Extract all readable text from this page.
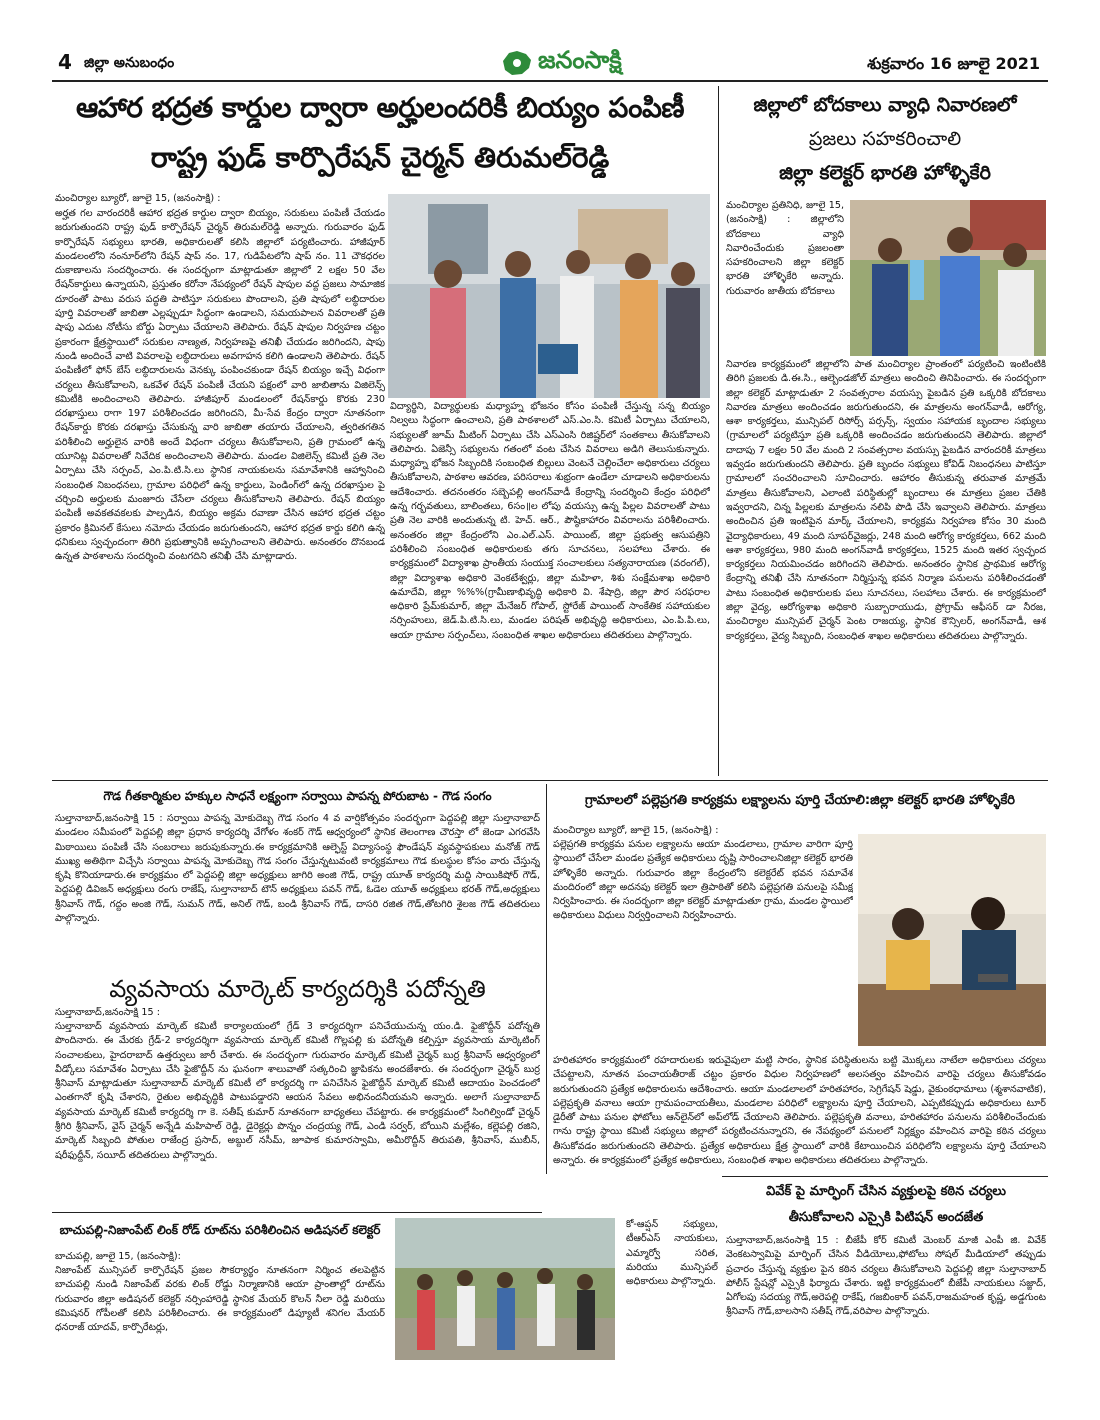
4 జిల్లా అనుబంధం	జనంసాక్షి	శుక్రవారం 16 జూలై 2021
ఆహార భద్రత కార్డుల ద్వారా అర్హులందరికీ బియ్యం పంపిణీ
రాష్ట్ర ఫుడ్ కార్పొరేషన్ చైర్మన్ తిరుమల్‌రెడ్డి
మంచిర్యాల బ్యూరో, జూలై 15, (జనంసాక్షి) :
అర్హత గల వారందరికీ ఆహార భద్రత కార్డుల ద్వారా బియ్యం, సరుకులు పంపిణీ చేయడం జరుగుతుందని రాష్ట్ర ఫుడ్ కార్పొరేషన్ చైర్మన్ తిరుమల్‌రెడ్డి అన్నారు. గురువారం ఫుడ్ కార్పొరేషన్ సభ్యులు భారతి, అధికారులతో కలిసి జిల్లాలో పర్యటించారు. హాజీపూర్ మండలంలోని నంనూర్‌లోని రేషన్ షాప్ నం. 17, గుడిపేటలోని షాప్ నం. 11 చౌకధరల దుకాణాలను సందర్శించారు. ఈ సందర్భంగా మాట్లాడుతూ జిల్లాలో 2 లక్షల 50 వేల రేషన్‌కార్డులు ఉన్నాయని, ప్రస్తుతం కరోనా నేపథ్యంలో రేషన్ షాపుల వద్ద ప్రజలు సామాజిక దూరంతో పాటు వరుస పద్ధతి పాటిస్తూ సరుకులు పొందాలని, ప్రతి షాపులో లబ్ధిదారుల పూర్తి వివరాలతో జాబితా ఎల్లప్పుడూ సిద్ధంగా ఉండాలని, సమయపాలన వివరాలతో ప్రతి షాపు ఎదుట నోటీసు బోర్డు ఏర్పాటు చేయాలని తెలిపారు. రేషన్ షాపుల నిర్వహణ చట్టం ప్రకారంగా క్షేత్రస్థాయిలో సరుకుల నాణ్యత, నిర్వహణపై తనిఖీ చేయడం జరిగిందని, షాపు నుండి అందించే వాటి వివరాలపై లబ్ధిదారులు అవగాహన కలిగి ఉండాలని తెలిపారు. రేషన్ పంపిణీలో ఫోన్ బేస్ లబ్ధిదారులను వెనక్కు పంపించకుండా రేషన్ బియ్యం ఇచ్చే విధంగా చర్యలు తీసుకోవాలని, ఒకవేళ రేషన్ పంపిణీ చేయని పక్షంలో వారి జాబితాను విజిలెన్స్ కమిటీకి అందించాలని తెలిపారు. హాజీపూర్ మండలంలో రేషన్‌కార్డు కొరకు 230 దరఖాస్తులు రాగా 197 పరిశీలించడం జరిగిందని, మీ-సేవ కేంద్రం ద్వారా నూతనంగా రేషన్‌కార్డు కొరకు దరఖాస్తు చేసుకున్న వారి జాబితా తయారు చేయాలని, త్వరితగతిన పరిశీలించి అర్హులైన వారికి అందే విధంగా చర్యలు తీసుకోవాలని, ప్రతి గ్రామంలో ఉన్న యూనిట్ల వివరాలతో నివేదిక అందించాలని తెలిపారు. మండల విజిలెన్స్ కమిటీ ప్రతి నెల ఏర్పాటు చేసి సర్పంచ్, ఎం.పి.టి.సి.లు స్థానిక నాయకులను సమావేశానికి ఆహ్వానించి సంబంధిత నిబంధనలు, గ్రామాల పరిధిలో ఉన్న కార్డులు, పెండింగ్‌లో ఉన్న దరఖాస్తుల పై చర్చించి అర్హులకు మంజూరు చేసేలా చర్యలు తీసుకోవాలని తెలిపారు. రేషన్ బియ్యం పంపిణీ అవకతవకలకు పాల్పడిన, బియ్యం అక్రమ రవాణా చేసిన ఆహార భద్రత చట్టం ప్రకారం క్రిమినల్ కేసులు నమోదు చేయడం జరుగుతుందని, ఆహార భద్రత కార్డు కలిగి ఉన్న ధనికులు స్వచ్ఛందంగా తిరిగి ప్రభుత్వానికి అప్పగించాలని తెలిపారు. అనంతరం దొనబండ ఉన్నత పాఠశాలను సందర్శించి వంటగదిని తనిఖీ చేసి మాట్లాడారు.
విద్యార్థిని, విద్యార్థులకు మధ్యాహ్న భోజనం కోసం పంపిణీ చేస్తున్న సన్న బియ్యం నిల్వలు సిద్ధంగా ఉంచాలని, ప్రతి పాఠశాలలో ఎస్.ఎం.సి. కమిటీ ఏర్పాటు చేయాలని, సభ్యులతో జూమ్ మీటింగ్ ఏర్పాటు చేసి ఎస్ఎంసి రిజిష్టర్‌లో సంతకాలు తీసుకోవాలని తెలిపారు. ఏజెన్సీ సభ్యులను గతంలో వంట చేసిన వివరాలు అడిగి తెలుసుకున్నారు. మధ్యాహ్న భోజన సిబ్బందికి సంబంధిత బిల్లులు వెంటనే చెల్లించేలా అధికారులు చర్యలు తీసుకోవాలని, పాఠశాల ఆవరణ, పరిసరాలు శుభ్రంగా ఉండేలా చూడాలని అధికారులను ఆదేశించారు. తదనంతరం సబ్బెపల్లి అంగన్‌వాడీ కేంద్రాన్ని సందర్శించి కేంద్రం పరిధిలో ఉన్న గర్భవతులు, బాలింతలు, 6సం॥ల లోపు వయస్సు ఉన్న పిల్లల వివరాలతో పాటు ప్రతి నెల వారికి అందుతున్న టి. హెచ్. ఆర్., పౌష్ఠికాహారం వివరాలను పరిశీలించారు. అనంతరం జిల్లా కేంద్రంలోని ఎం.ఎల్.ఎస్. పాయింట్, జిల్లా ప్రభుత్వ ఆసుపత్రిని పరిశీలించి సంబంధిత అధికారులకు తగు సూచనలు, సలహాలు చేశారు. ఈ కార్యక్రమంలో విద్యాశాఖ ప్రాంతీయ సంయుక్త సంచాలకులు సత్యనారాయణ (వరంగల్), జిల్లా విద్యాశాఖ అధికారి వెంకటేశ్వర్లు, జిల్లా మహిళా, శిశు సంక్షేమశాఖ అధికారి ఉమాదేవి, జిల్లా %%%(గ్రామీణాభివృద్ధి అధికారి వి. శేషాద్రి, జిల్లా పౌర సరఫరాల అధికారి ప్రేమ్‌కుమార్, జిల్లా మేనేజర్ గోపాల్, స్టోరేజ్ పాయింట్ సాంకేతిక సహాయకుల నర్సింహులు, జెడ్.పి.టి.సి.లు, మండల పరిషత్ అభివృద్ధి అధికారులు, ఎం.పి.పి.లు, ఆయా గ్రామాల సర్పంచ్‌లు, సంబంధిత శాఖల అధికారులు తదితరులు పాల్గొన్నారు.
జిల్లాలో బోదకాలు వ్యాధి నివారణలో
ప్రజలు సహకరించాలి
జిల్లా కలెక్టర్ భారతి హోళ్ళికేరి
మంచిర్యాల ప్రతినిధి, జూలై 15, (జనంసాక్షి) : జిల్లాలోని బోదకాలు వ్యాధి నివారించేందుకు ప్రజలంతా సహకరించాలని జిల్లా కలెక్టర్ భారతి హోళ్ళికేరి అన్నారు. గురువారం జాతీయ బోదకాలు
నివారణ కార్యక్రమంలో జిల్లాలోని పాత మంచిర్యాల ప్రాంతంలో పర్యటించి ఇంటింటికి తిరిగి ప్రజలకు డి.ఈ.సి., ఆల్బెండజోల్ మాత్రలు అందించి తినిపించారు. ఈ సందర్భంగా జిల్లా కలెక్టర్ మాట్లాడుతూ 2 సంవత్సరాల వయస్సు పైబడిన ప్రతి ఒక్కరికి బోదకాలు నివారణ మాత్రలు అందించడం జరుగుతుందని, ఈ మాత్రలను అంగన్‌వాడీ, ఆరోగ్య, ఆశా కార్యకర్తలు, మున్సిపల్ రిసోర్స్ పర్సన్స్, స్వయం సహాయక బృందాల సభ్యులు (గ్రామాలలో పర్యటిస్తూ ప్రతి ఒక్కరికి అందించడం జరుగుతుందని తెలిపారు. జిల్లాలో దాదాపు 7 లక్షల 50 వేల మంది 2 సంవత్సరాల వయస్సు పైబడిన వారందరికీ మాత్రలు ఇవ్వడం జరుగుతుందని తెలిపారు. ప్రతి బృందం సభ్యులు కోవిడ్ నిబంధనలు పాటిస్తూ గ్రామాలలో సంచరించాలని సూచించారు. ఆహారం తీసుకున్న తరువాత మాత్రమే మాత్రలు తీసుకోవాలని, ఎలాంటి పరిస్థితుల్లో బృందాలు ఈ మాత్రలు ప్రజల చేతికి ఇవ్వరాదని, చిన్న పిల్లలకు మాత్రలను నలిపి పొడి చేసి ఇవ్వాలని తెలిపారు. మాత్రలు అందించిన ప్రతి ఇంటిపైన మార్క్ చేయాలని, కార్యక్రమ నిర్వహణ కోసం 30 మంది వైద్యాధికారులు, 49 మంది సూపర్‌వైజర్లు, 248 మంది ఆరోగ్య కార్యకర్తలు, 662 మంది ఆశా కార్యకర్తలు, 980 మంది అంగన్‌వాడీ కార్యకర్తలు, 1525 మంది ఇతర స్వచ్ఛంద కార్యకర్తలు నియమించడం జరిగిందని తెలిపారు. అనంతరం స్థానిక ప్రాథమిక ఆరోగ్య కేంద్రాన్ని తనిఖీ చేసి నూతనంగా నిర్మిస్తున్న భవన నిర్మాణ పనులను పరిశీలించడంతో పాటు సంబంధిత అధికారులకు పలు సూచనలు, సలహాలు చేశారు. ఈ కార్యక్రమంలో జిల్లా వైద్య, ఆరోగ్యశాఖ అధికారి సుబ్బారాయుడు, ప్రోగ్రామ్ ఆఫీసర్ డా నీరజ, మంచిర్యాల మున్సిపల్ చైర్మన్ పెంట రాజయ్య, స్థానిక కౌన్సిలర్, అంగన్‌వాడీ, ఆశ కార్యకర్తలు, వైద్య సిబ్బంది, సంబంధిత శాఖల అధికారులు తదితరులు పాల్గొన్నారు.
గౌడ గీతకార్మికుల హక్కుల సాధనే లక్ష్యంగా సర్వాయి పాపన్న పోరుబాట - గౌడ సంగం
సుల్తానాబాద్,జనంసాక్షి 15 : సర్వాయి పాపన్న మోకుదెబ్బ గౌడ సంగం 4 వ వార్షికోత్సవం సందర్భంగా పెద్దపల్లి జిల్లా సుల్తానాబాద్ మండలం సమీపంలో పెద్దపల్లి జిల్లా ప్రధాన కార్యదర్శి వేగోళం శంకర్ గౌడ్ ఆధ్వర్యంలో స్థానిక తెలంగాణ చౌరస్తా లో జెండా ఎగరవేసి మిఠాయిలు పంపిణీ చేసి సంబరాలు జరుపుకున్నారు.ఈ కార్యక్రమానికి ఆల్ఫెస్ట్ విద్యాసంస్థ ఫౌండేషన్ వ్యవస్థాపకులు మనోజ్ గౌడ్ ముఖ్య అతిథిగా విచ్చేసి సర్వాయి పాపన్న మోకుదెబ్బ గౌడ సంగం చేస్తున్నటువంటి కార్యక్రమాలు గౌడ కులస్థుల కోసం వారు చేస్తున్న కృషి కొనియాడారు.ఈ కార్యక్రమం లో పెద్దపల్లి జిల్లా అధ్యక్షులు జాగిరి అంజి గౌడ్, రాష్ట్ర యూత్ కార్యదర్శి మద్ది సాయికిషోర్ గౌడ్, పెద్దపల్లి డివిజన్ అధ్యక్షులు రంగు రాజేష్, సుల్తానాబాద్ టౌన్ అధ్యక్షులు పవన్ గౌడ్, ఓడెల యూత్ అధ్యక్షులు భరత్ గౌడ్,అధ్యక్షులు శ్రీనివాస్ గౌడ్, గద్దం అంజి గౌడ్, సుమన్ గౌడ్, అనిల్ గౌడ్, బండి శ్రీనివాస్ గౌడ్, దాసరి రజిత గౌడ్,తోటగిరి శైలజ గౌడ్ తదితరులు పాల్గొన్నారు.
వ్యవసాయ మార్కెట్ కార్యదర్శికి పదోన్నతి
సుల్తానాబాద్,జనంసాక్షి 15 :
సుల్తానాబాద్ వ్యవసాయ మార్కెట్ కమిటీ కార్యాలయంలో గ్రేడ్ 3 కార్యదర్శిగా పనిచేయుచున్న యం.డి. ఫైజొద్దీన్ పదోన్నతి పొందినారు. ఈ మేరకు గ్రేడ్-2 కార్యదర్శిగా వ్యవసాయ మార్కెట్ కమిటీ గొల్లపల్లి కు పదోన్నతి కల్పిస్తూ వ్యవసాయ మార్కెటింగ్ సంచాలకులు, హైదరాబాద్ ఉత్తర్వులు జారీ చేశారు. ఈ సందర్భంగా గురువారం మార్కెట్ కమిటీ చైర్మన్ బుర్ర శ్రీనివాస్ ఆధ్వర్యంలో వీడ్కోలు సమావేశం ఏర్పాటు చేసి ఫైజొద్దీన్ ను ఘనంగా శాలువాతో సత్కరించి జ్ఞాపికను అందజేశారు. ఈ సందర్భంగా చైర్మన్ బుర్ర శ్రీనివాస్ మాట్లాడుతూ సుల్తానాబాద్ మార్కెట్ కమిటీ లో కార్యదర్శి గా పనిచేసిన ఫైజొద్దీన్ మార్కెట్ కమిటీ ఆదాయం పెంచడంలో ఎంతగానో కృషి చేశారని, రైతుల అభివృద్ధికి పాటుపడ్డారని ఆయన సేవలు అభినందనీయమని అన్నారు. అలాగే సుల్తానాబాద్ వ్యవసాయ మార్కెట్ కమిటీ కార్యదర్శి గా కె. సతీష్ కుమార్ నూతనంగా బాధ్యతలు చేపట్టారు. ఈ కార్యక్రమంలో సింగిల్విండో చైర్మన్ శ్రీగిరి శ్రీనివాస్, వైస్ చైర్మన్ అన్నేడి మహిపాల్ రెడ్డి, డైరెక్టర్లు పొన్నం చంద్రయ్య గౌడ్, ఎండి సర్వర్, బోయిని మల్లేశం, కల్లెపల్లి రజిని, మార్కెట్ సిబ్బంది పోతుల రాజేంద్ర ప్రసాద్, అబ్దుల్ నసీమ్, జూపాక కుమారస్వామి, అమీరొద్దీన్ తిరుపతి, శ్రీనివాస్, ముబీన్, షరీఫుద్దీన్, సయీద్ తదితరులు పాల్గొన్నారు.
బాచుపల్లి-నిజాంపేట్ లింక్ రోడ్ రూట్‌ను పరిశీలించిన అడిషనల్ కలెక్టర్
బాచుపల్లి, జూలై 15, (జనంసాక్షి):
నిజాంపేట్ మున్సిపల్ కార్పొరేషన్ ప్రజల సౌకర్యార్థం నూతనంగా నిర్మించ తలపెట్టిన బాచుపల్లి నుండి నిజాంపేట్ వరకు లింక్ రోడ్డు నిర్మాణానికి ఆయా ప్రాంతాల్లో రూట్‌ను గురువారం జిల్లా అడిషనల్ కలెక్టర్ నర్సింహారెడ్డి స్థానిక మేయర్ కొలన్ నీలా రెడ్డి మరియు కమిషనర్ గోపీలతో కలిసి పరిశీలించారు. ఈ కార్యక్రమంలో డిప్యూటీ శనిగల మేయర్ ధనరాజ్ యాదవ్, కార్పొరేటర్లు,
కో-ఆప్షన్ సభ్యులు, టీఆర్ఎస్ నాయకులు, ఎమ్మార్వో సరిత, మరియు మున్సిపల్ అధికారులు పాల్గొన్నారు.
గ్రామాలలో పల్లెప్రగతి కార్యక్రమ లక్ష్యాలను పూర్తి చేయాలి:జిల్లా కలెక్టర్ భారతి హోళ్ళికేరి
మంచిర్యాల బ్యూరో, జూలై 15, (జనంసాక్షి) :
పల్లెప్రగతి కార్యక్రమ పనుల లక్ష్యాలను ఆయా మండలాలు, గ్రామాల వారిగా పూర్తి స్థాయిలో చేసేలా మండల ప్రత్యేక అధికారులు దృష్టి సారించాలనిజిల్లా కలెక్టర్ భారతి హోళ్ళికేరి అన్నారు. గురువారం జిల్లా కేంద్రంలోని కలెక్టరేట్ భవన సమావేశ మందిరంలో జిల్లా అదనపు కలెక్టర్ ఇలా త్రిపాఠితో కలిసి పల్లెప్రగతి పనులపై సమీక్ష నిర్వహించారు. ఈ సందర్భంగా జిల్లా కలెక్టర్ మాట్లాడుతూ గ్రామ, మండల స్థాయిలో అధికారులు విధులు నిర్వర్తించాలని నిర్వహించారు.
హరితహారం కార్యక్రమంలో రహదారులకు ఇరువైపులా మట్టి సారం, స్థానిక పరిస్థితులను బట్టి మొక్కలు నాటేలా అధికారులు చర్యలు చేపట్టాలని, నూతన పంచాయతీరాజ్ చట్టం ప్రకారం విధుల నిర్వహణలో అలసత్వం వహించిన వారిపై చర్యలు తీసుకోవడం జరుగుతుందని ప్రత్యేక అధికారులను ఆదేశించారు. ఆయా మండలాలలో హరితహారం, సెగ్రిగేషన్ షెడ్డు, వైకుంఠధామాలు (శ్మశానవాటిక), పల్లెప్రకృతి వనాలు ఆయా గ్రామపంచాయతీలు, మండలాల పరిధిలో లక్ష్యాలను పూర్తి చేయాలని, ఎప్పటికప్పుడు అధికారులు టూర్ డైరీతో పాటు పనుల ఫోటోలు ఆన్‌లైన్‌లో అప్‌లోడ్ చేయాలని తెలిపారు. పల్లెప్రకృతి వనాలు, హరితహారం పనులను పరిశీలించేందుకు గాను రాష్ట్ర స్థాయి కమిటీ సభ్యులు జిల్లాలో పర్యటించనున్నారని, ఈ నేపథ్యంలో పనులలో నిర్లక్ష్యం వహించిన వారిపై కఠిన చర్యలు తీసుకోవడం జరుగుతుందని తెలిపారు. ప్రత్యేక అధికారులు క్షేత్ర స్థాయిలో వారికి కేటాయించిన పరిధిలోని లక్ష్యాలను పూర్తి చేయాలని అన్నారు. ఈ కార్యక్రమంలో ప్రత్యేక అధికారులు, సంబంధిత శాఖల అధికారులు తదితరులు పాల్గొన్నారు.
వివేక్ పై మార్ఫింగ్ చేసిన వ్యక్తులపై కఠిన చర్యలు
తీసుకోవాలని ఎస్సైకి పిటిషన్ అందజేత
సుల్తానాబాద్,జనంసాక్షి 15 : బీజేపీ కోర్ కమిటీ మెంబర్ మాజీ ఎంపీ జి. వివేక్ వెంకటస్వామిపై మార్ఫింగ్ చేసిన వీడియోలు,ఫోటోలు సోషల్ మీడియాలో తప్పుడు ప్రచారం చేస్తున్న వ్యక్తుల పైన కఠిన చర్యలు తీసుకోవాలని పెద్దపల్లి జిల్లా సుల్తానాబాద్ పోలీస్ స్టేషన్లో ఎస్సైకి ఫిర్యాదు చేశారు. ఇట్టి కార్యక్రమంలో బీజేపీ నాయకులు సజ్జాద్, ఏగోలపు సదయ్య గౌడ్,అరెపల్లి రాకేష్, గజబింకార్ పవన్,రాజమహంత కృష్ణ, అడ్డగుంట శ్రీనివాస్ గౌడ్,బాలసాని సతీష్ గౌడ్,వరిపాల పాల్గొన్నారు.
